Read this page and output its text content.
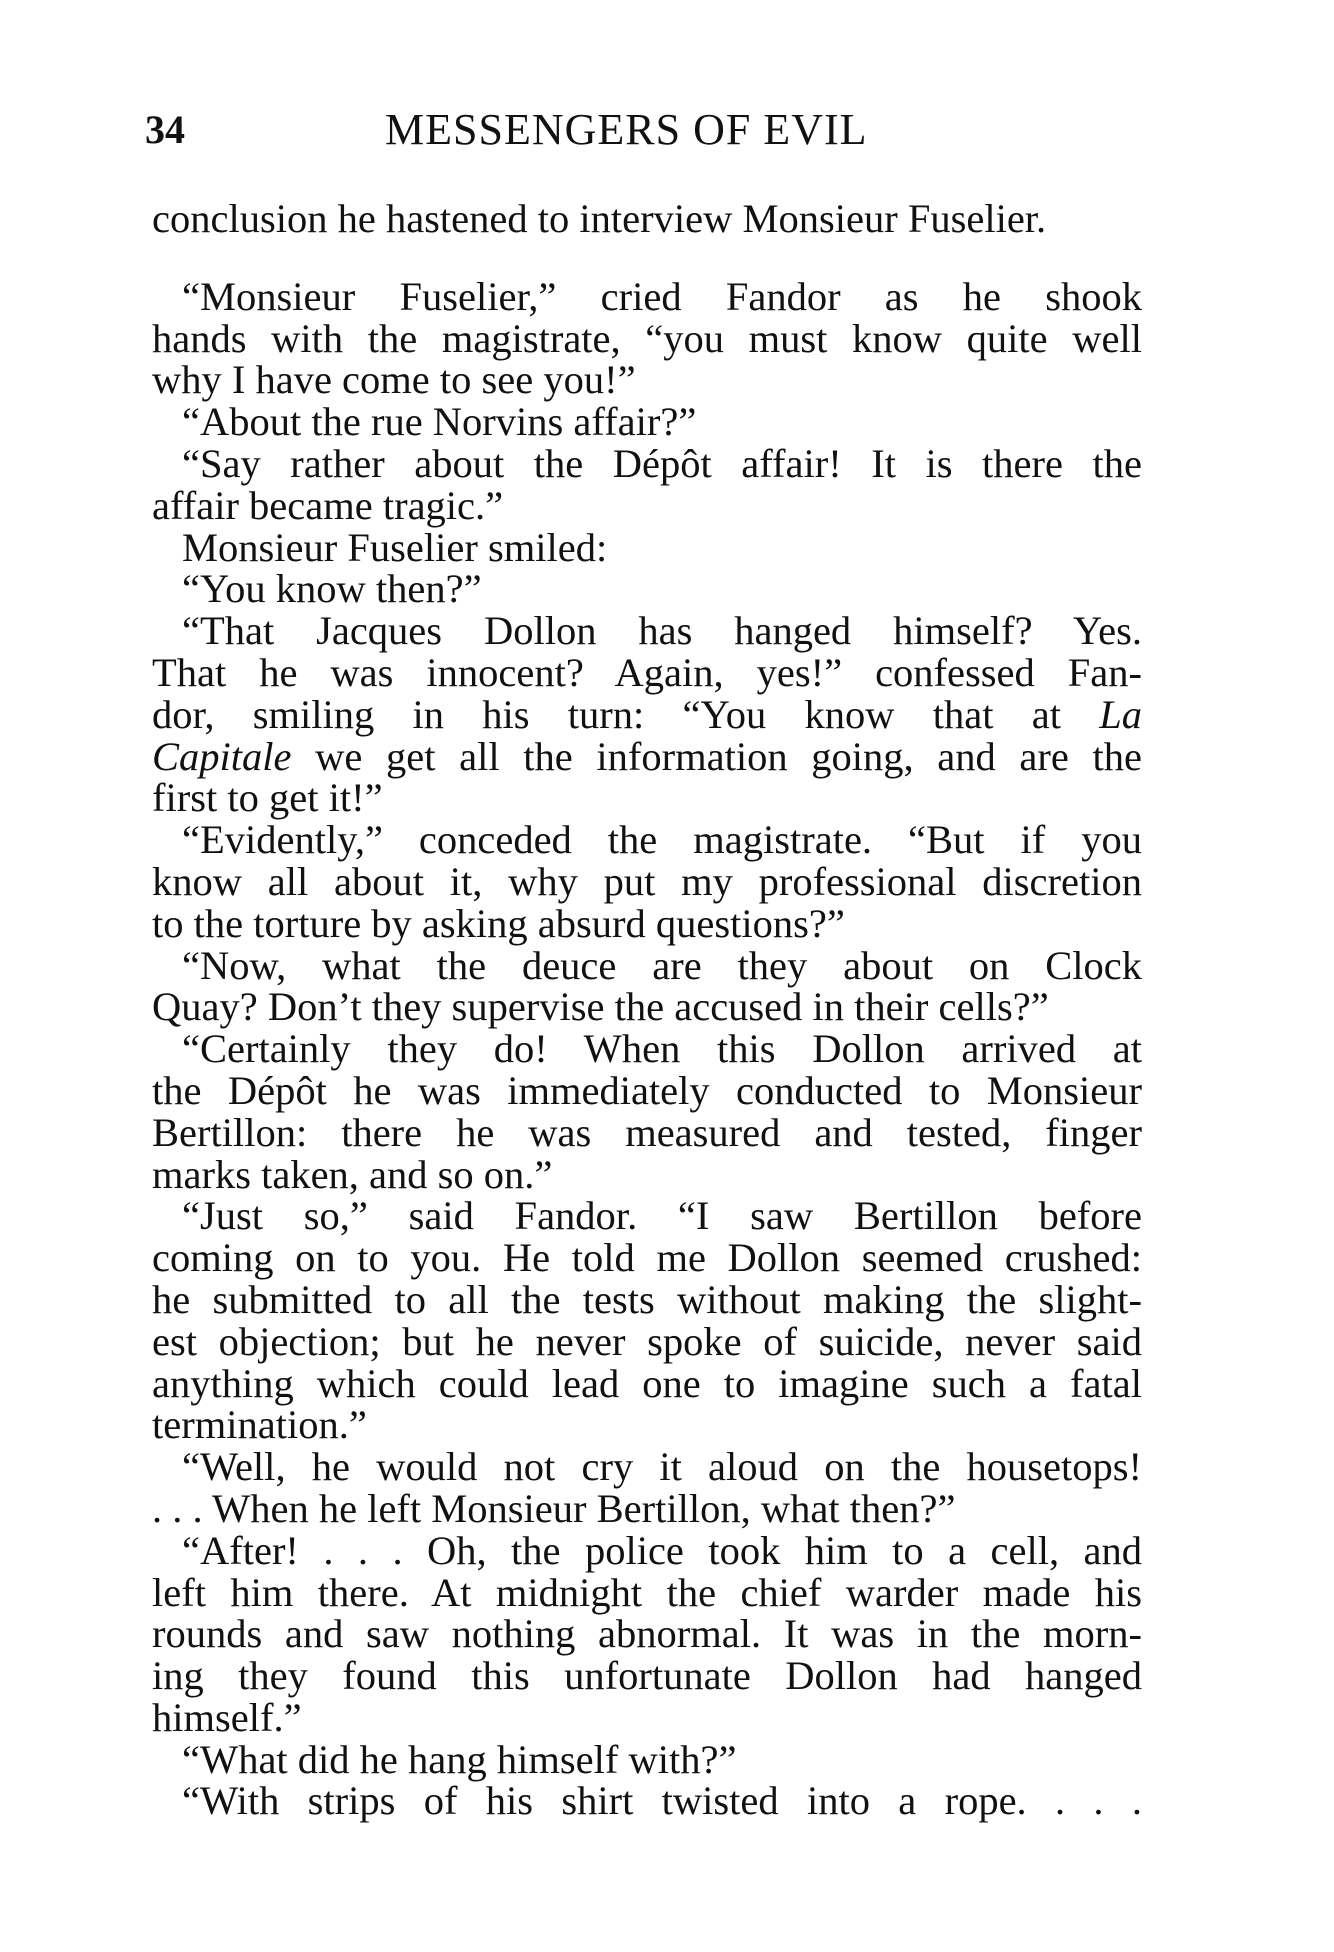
34	MESSENGERS OF EVIL
conclusion he hastened to interview Monsieur Fuselier.
“Monsieur Fuselier,” cried Fandor as he shook
hands with the magistrate, “you must know quite well
why I have come to see you!”
“About the rue Norvins affair?”
“Say rather about the Dépôt affair! It is there the
affair became tragic.”
Monsieur Fuselier smiled:
“You know then?”
“That Jacques Dollon has hanged himself? Yes.
That he was innocent? Again, yes!” confessed Fan-
dor, smiling in his turn: “You know that at La
Capitale we get all the information going, and are the
first to get it!”
“Evidently,” conceded the magistrate. “But if you
know all about it, why put my professional discretion
to the torture by asking absurd questions?”
“Now, what the deuce are they about on Clock
Quay? Don’t they supervise the accused in their cells?”
“Certainly they do! When this Dollon arrived at
the Dépôt he was immediately conducted to Monsieur
Bertillon: there he was measured and tested, finger
marks taken, and so on.”
“Just so,” said Fandor. “I saw Bertillon before
coming on to you. He told me Dollon seemed crushed:
he submitted to all the tests without making the slight-
est objection; but he never spoke of suicide, never said
anything which could lead one to imagine such a fatal
termination.”
“Well, he would not cry it aloud on the housetops!
. . . When he left Monsieur Bertillon, what then?”
“After! . . . Oh, the police took him to a cell, and
left him there. At midnight the chief warder made his
rounds and saw nothing abnormal. It was in the morn-
ing they found this unfortunate Dollon had hanged
himself.”
“What did he hang himself with?”
“With strips of his shirt twisted into a rope. . . .
